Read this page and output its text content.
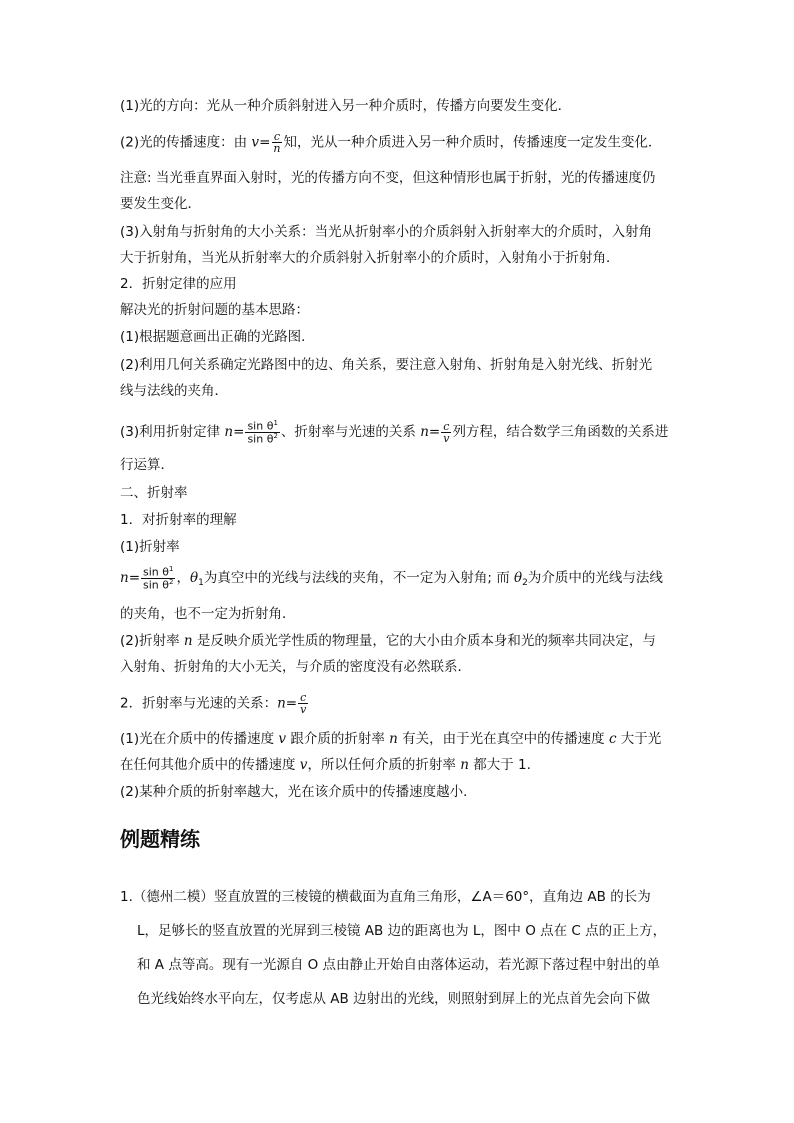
(1)光的方向：光从一种介质斜射进入另一种介质时，传播方向要发生变化．
(2)光的传播速度：由 $v= \frac{c}{n}$ 知，光从一种介质进入另一种介质时，传播速度一定发生变化．
注意: 当光垂直界面入射时，光的传播方向不变，但这种情形也属于折射，光的传播速度仍
要发生变化．
(3)入射角与折射角的大小关系：当光从折射率小的介质斜射入折射率大的介质时，入射角
大于折射角，当光从折射率大的介质斜射入折射率小的介质时，入射角小于折射角．
2．折射定律的应用
解决光的折射问题的基本思路：
(1)根据题意画出正确的光路图．
(2)利用几何关系确定光路图中的边、角关系，要注意入射角、折射角是入射光线、折射光
线与法线的夹角．
(3)利用折射定律 $n= \frac{\sin \theta^1}{\sin \theta^2}$ 、折射率与光速的关系 $n= \frac{c}{v}$ 列方程，结合数学三角函数的关系进
行运算．
二、折射率
1．对折射率的理解
(1)折射率
$n= \frac{\sin \theta^1}{\sin \theta^2}$ ，$\theta_1$为真空中的光线与法线的夹角，不一定为入射角; 而 $\theta_2$为介质中的光线与法线
的夹角，也不一定为折射角．
(2)折射率 n 是反映介质光学性质的物理量，它的大小由介质本身和光的频率共同决定，与
入射角、折射角的大小无关，与介质的密度没有必然联系．
2．折射率与光速的关系：$n= \frac{c}{v}$
(1)光在介质中的传播速度 v 跟介质的折射率 n 有关，由于光在真空中的传播速度 c 大于光
在任何其他介质中的传播速度 v，所以任何介质的折射率 n 都大于 1.
(2)某种介质的折射率越大，光在该介质中的传播速度越小．
例题精练
1.（德州二模）竖直放置的三棱镜的横截面为直角三角形，∠A＝60°，直角边 AB 的长为
L，足够长的竖直放置的光屏到三棱镜 AB 边的距离也为 L，图中 O 点在 C 点的正上方，
和 A 点等高。现有一光源自 O 点由静止开始自由落体运动，若光源下落过程中射出的单
色光线始终水平向左，仅考虑从 AB 边射出的光线，则照射到屏上的光点首先会向下做
